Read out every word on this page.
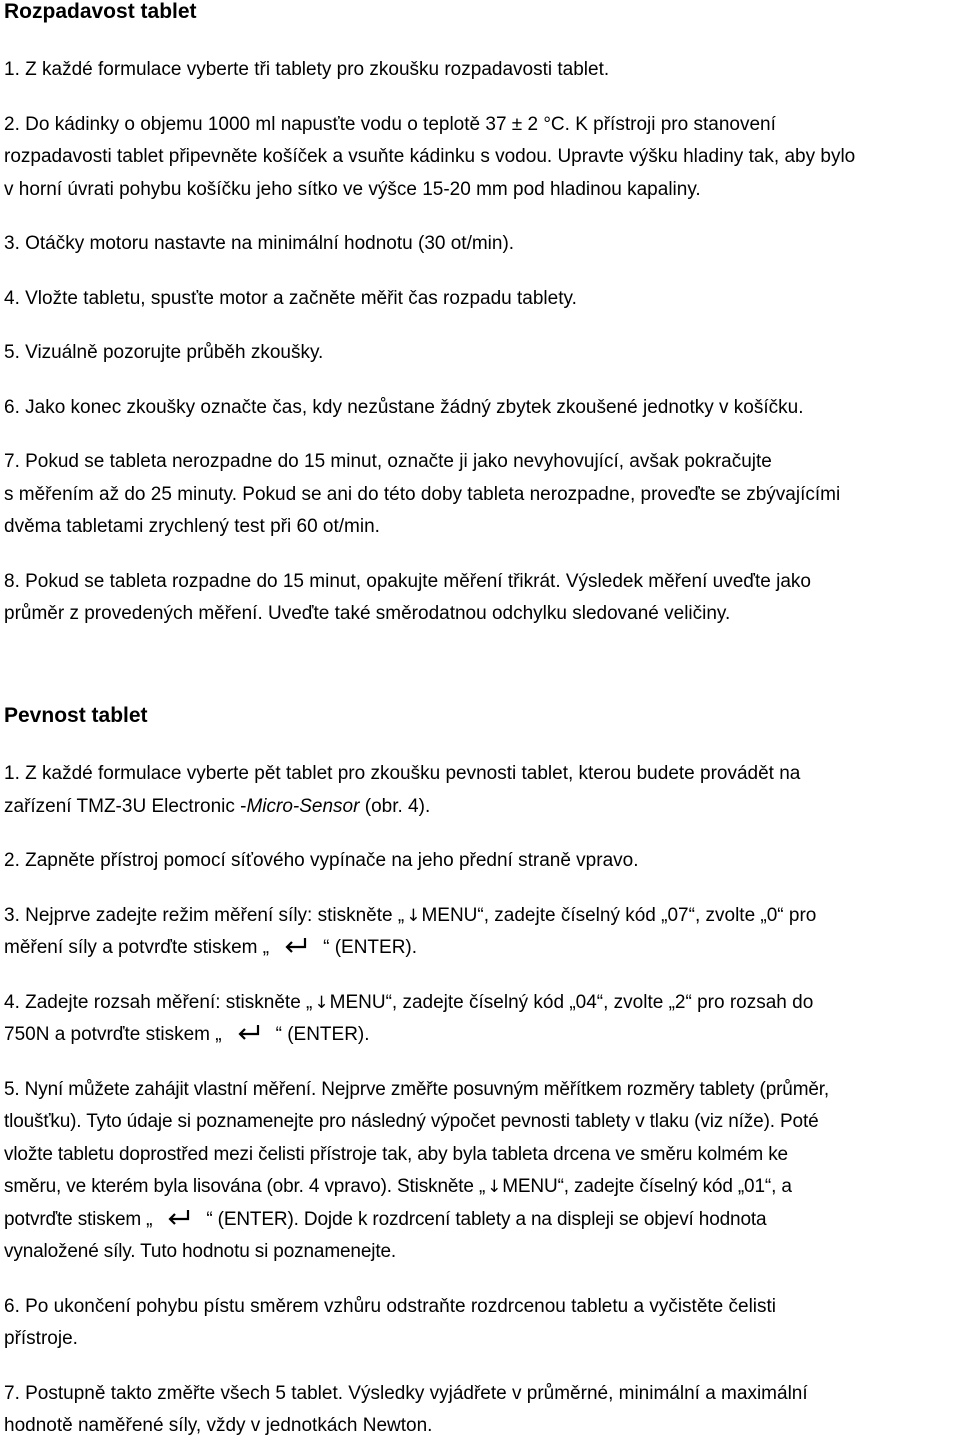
Rozpadavost tablet

1. Z každé formulace vyberte tři tablety pro zkoušku rozpadavosti tablet.

2. Do kádinky o objemu 1000 ml napusťte vodu o teplotě 37 ± 2 °C. K přístroji pro stanovení
rozpadavosti tablet připevněte košíček a vsuňte kádinku s vodou. Upravte výšku hladiny tak, aby bylo
v horní úvrati pohybu košíčku jeho sítko ve výšce 15-20 mm pod hladinou kapaliny.

3. Otáčky motoru nastavte na minimální hodnotu (30 ot/min).

4. Vložte tabletu, spusťte motor a začněte měřit čas rozpadu tablety.

5. Vizuálně pozorujte průběh zkoušky.

6. Jako konec zkoušky označte čas, kdy nezůstane žádný zbytek zkoušené jednotky v košíčku.

7. Pokud se tableta nerozpadne do 15 minut, označte ji jako nevyhovující, avšak pokračujte
s měřením až do 25 minuty. Pokud se ani do této doby tableta nerozpadne, proveďte se zbývajícími
dvěma tabletami zrychlený test při 60 ot/min.

8. Pokud se tableta rozpadne do 15 minut, opakujte měření třikrát. Výsledek měření uveďte jako
průměr z provedených měření. Uveďte také směrodatnou odchylku sledované veličiny.

Pevnost tablet

1. Z každé formulace vyberte pět tablet pro zkoušku pevnosti tablet, kterou budete provádět na
zařízení TMZ-3U Electronic -Micro-Sensor (obr. 4).

2. Zapněte přístroj pomocí síťového vypínače na jeho přední straně vpravo.

3. Nejprve zadejte režim měření síly: stiskněte „ ↓MENU“, zadejte číselný kód „07“, zvolte „0“ pro
měření síly a potvrďte stiskem „	“ (ENTER).

4. Zadejte rozsah měření: stiskněte „ ↓MENU“, zadejte číselný kód „04“, zvolte „2“ pro rozsah do
750N a potvrďte stiskem „	“ (ENTER).

5. Nyní můžete zahájit vlastní měření. Nejprve změřte posuvným měřítkem rozměry tablety (průměr,
tloušťku). Tyto údaje si poznamenejte pro následný výpočet pevnosti tablety v tlaku (viz níže). Poté
vložte tabletu doprostřed mezi čelisti přístroje tak, aby byla tableta drcena ve směru kolmém ke
směru, ve kterém byla lisována (obr. 4 vpravo). Stiskněte „ ↓MENU“, zadejte číselný kód „01“, a
potvrďte stiskem „	“ (ENTER). Dojde k rozdrcení tablety a na displeji se objeví hodnota
vynaložené síly. Tuto hodnotu si poznamenejte.

6. Po ukončení pohybu pístu směrem vzhůru odstraňte rozdrcenou tabletu a vyčistěte čelisti
přístroje.

7. Postupně takto změřte všech 5 tablet. Výsledky vyjádřete v průměrné, minimální a maximální
hodnotě naměřené síly, vždy v jednotkách Newton.
